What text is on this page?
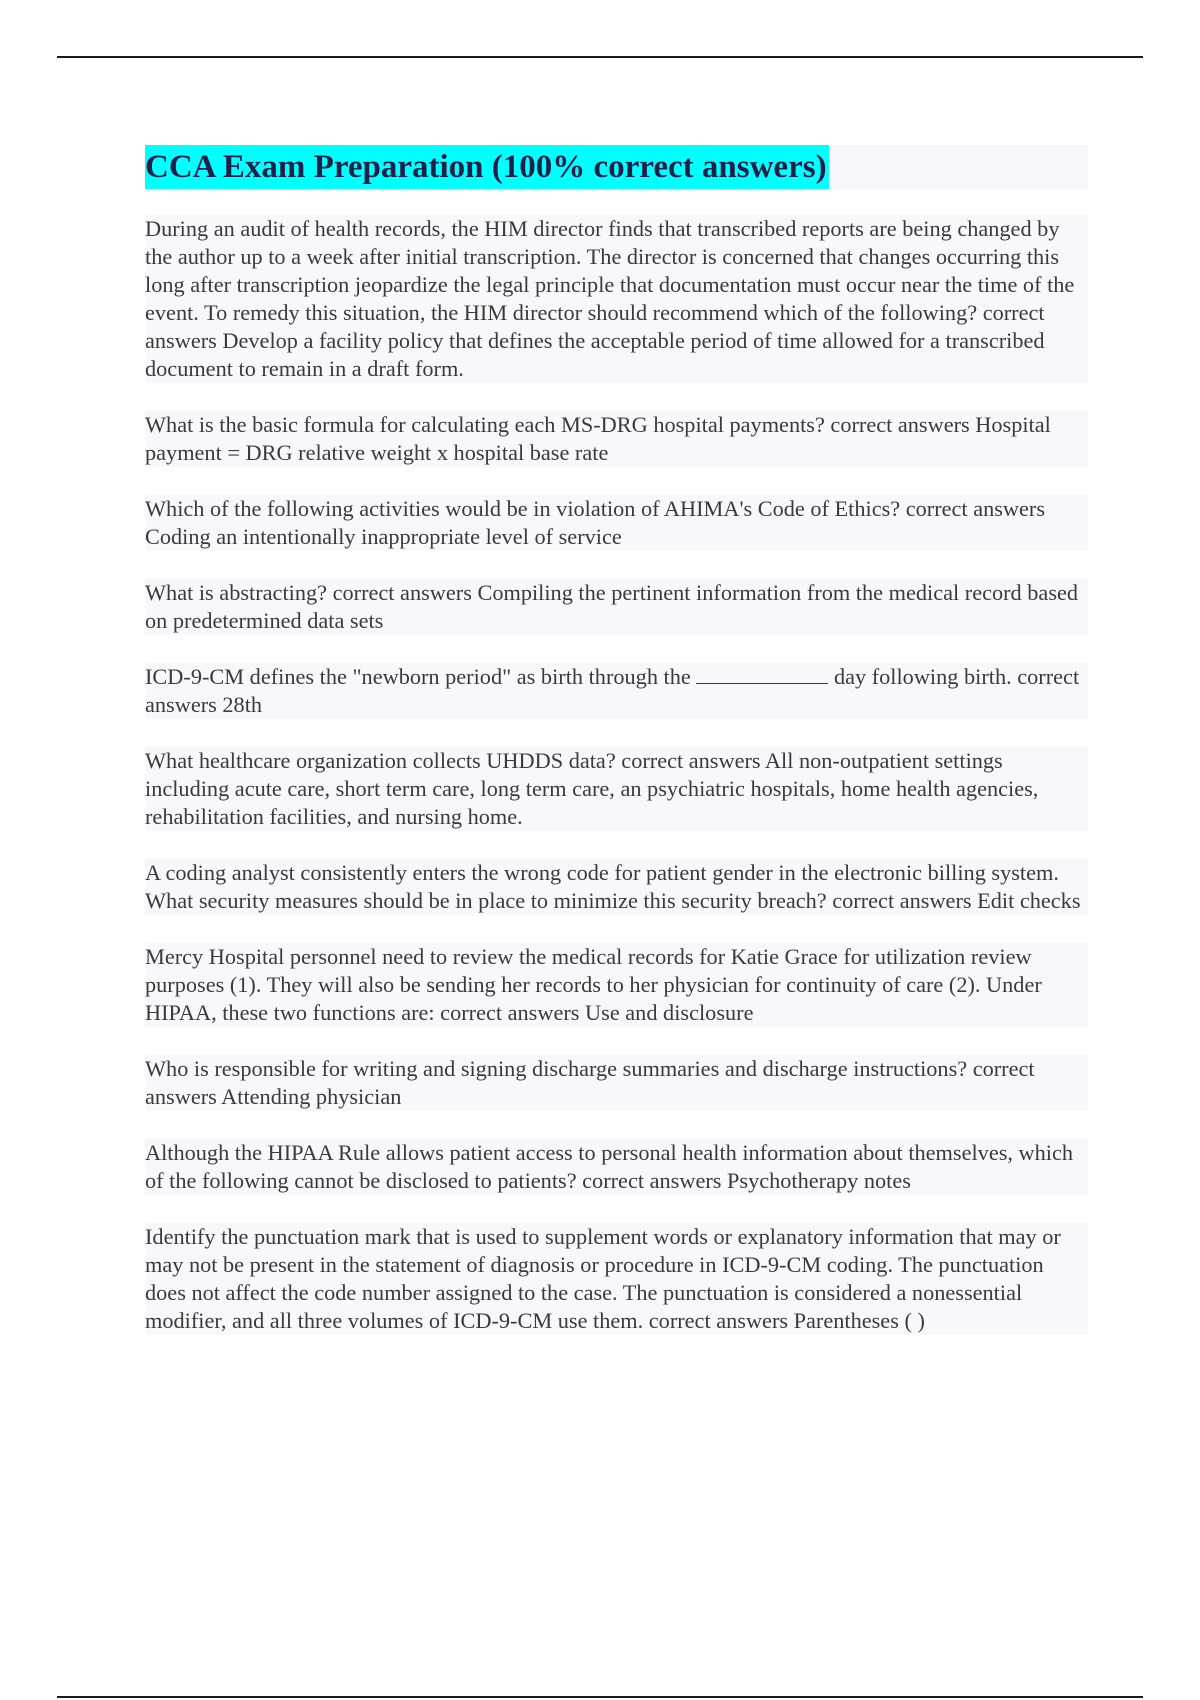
CCA Exam Preparation (100% correct answers)

During an audit of health records, the HIM director finds that transcribed reports are being changed by the author up to a week after initial transcription. The director is concerned that changes occurring this long after transcription jeopardize the legal principle that documentation must occur near the time of the event. To remedy this situation, the HIM director should recommend which of the following? correct answers Develop a facility policy that defines the acceptable period of time allowed for a transcribed document to remain in a draft form.

What is the basic formula for calculating each MS-DRG hospital payments? correct answers Hospital payment = DRG relative weight x hospital base rate

Which of the following activities would be in violation of AHIMA's Code of Ethics? correct answers Coding an intentionally inappropriate level of service

What is abstracting? correct answers Compiling the pertinent information from the medical record based on predetermined data sets

ICD-9-CM defines the "newborn period" as birth through the	day following birth. correct answers 28th

What healthcare organization collects UHDDS data? correct answers All non-outpatient settings including acute care, short term care, long term care, an psychiatric hospitals, home health agencies, rehabilitation facilities, and nursing home.

A coding analyst consistently enters the wrong code for patient gender in the electronic billing system. What security measures should be in place to minimize this security breach? correct answers Edit checks

Mercy Hospital personnel need to review the medical records for Katie Grace for utilization review purposes (1). They will also be sending her records to her physician for continuity of care (2). Under HIPAA, these two functions are: correct answers Use and disclosure

Who is responsible for writing and signing discharge summaries and discharge instructions? correct answers Attending physician

Although the HIPAA Rule allows patient access to personal health information about themselves, which of the following cannot be disclosed to patients? correct answers Psychotherapy notes

Identify the punctuation mark that is used to supplement words or explanatory information that may or may not be present in the statement of diagnosis or procedure in ICD-9-CM coding. The punctuation does not affect the code number assigned to the case. The punctuation is considered a nonessential modifier, and all three volumes of ICD-9-CM use them. correct answers Parentheses ( )
